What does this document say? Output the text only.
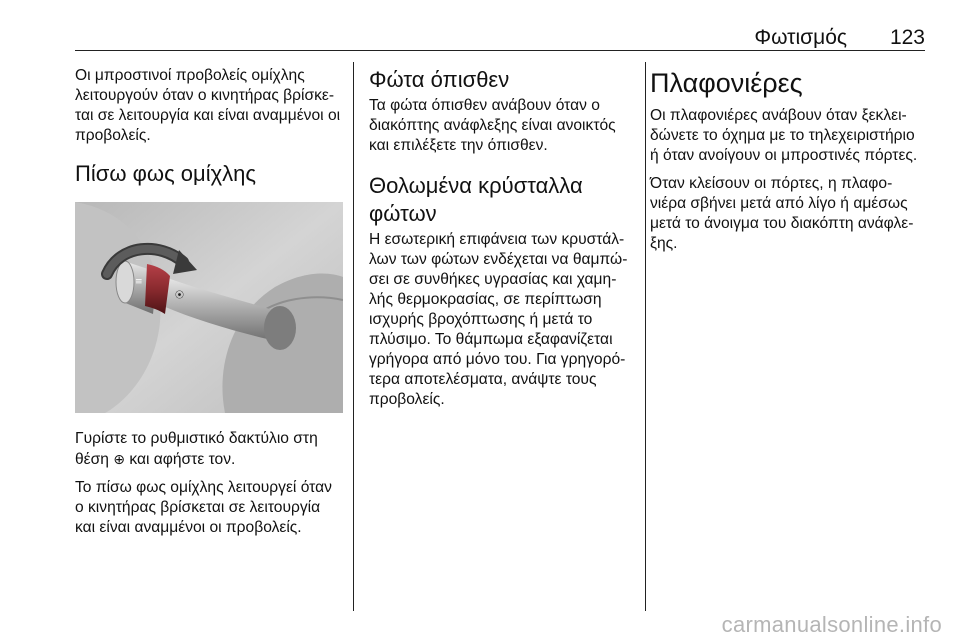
Φωτισμός 123

Οι μπροστινοί προβολείς ομίχλης λειτουργούν όταν ο κινητήρας βρίσκε-ται σε λειτουργία και είναι αναμμένοι οι προβολείς.

Πίσω φως ομίχλης
≡
⦿

Γυρίστε το ρυθμιστικό δακτύλιο στη θέση ⊕ και αφήστε τον.

Το πίσω φως ομίχλης λειτουργεί όταν ο κινητήρας βρίσκεται σε λειτουργία και είναι αναμμένοι οι προβολείς.

Φώτα όπισθεν

Τα φώτα όπισθεν ανάβουν όταν ο διακόπτης ανάφλεξης είναι ανοικτός και επιλέξετε την όπισθεν.

Θολωμένα κρύσταλλα φώτων

Η εσωτερική επιφάνεια των κρυστάλ-λων των φώτων ενδέχεται να θαμπώ-σει σε συνθήκες υγρασίας και χαμη-λής θερμοκρασίας, σε περίπτωση ισχυρής βροχόπτωσης ή μετά το πλύσιμο. Το θάμπωμα εξαφανίζεται γρήγορα από μόνο του. Για γρηγορό-τερα αποτελέσματα, ανάψτε τους προβολείς.

Πλαφονιέρες

Οι πλαφονιέρες ανάβουν όταν ξεκλει-δώνετε το όχημα με το τηλεχειριστήριο ή όταν ανοίγουν οι μπροστινές πόρτες.

Όταν κλείσουν οι πόρτες, η πλαφο-νιέρα σβήνει μετά από λίγο ή αμέσως μετά το άνοιγμα του διακόπτη ανάφλε-ξης.

carmanualsonline.info
